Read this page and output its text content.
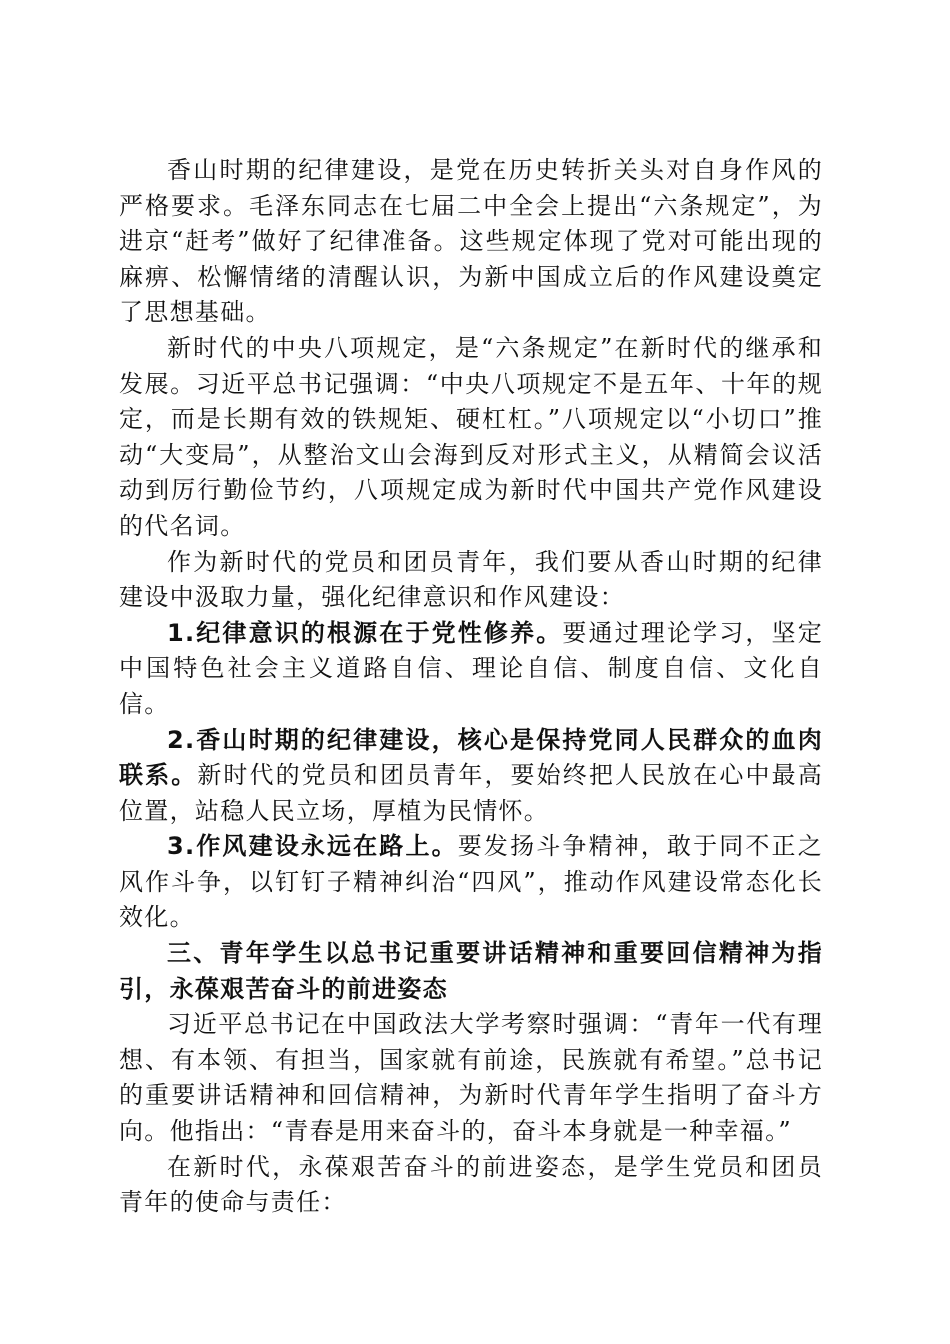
香山时期的纪律建设，是党在历史转折关头对自身作风的严格要求。毛泽东同志在七届二中全会上提出“六条规定”，为进京“赶考”做好了纪律准备。这些规定体现了党对可能出现的麻痹、松懈情绪的清醒认识，为新中国成立后的作风建设奠定了思想基础。

新时代的中央八项规定，是“六条规定”在新时代的继承和发展。习近平总书记强调：“中央八项规定不是五年、十年的规定，而是长期有效的铁规矩、硬杠杠。”八项规定以“小切口”推动“大变局”，从整治文山会海到反对形式主义，从精简会议活动到厉行勤俭节约，八项规定成为新时代中国共产党作风建设的代名词。

作为新时代的党员和团员青年，我们要从香山时期的纪律建设中汲取力量，强化纪律意识和作风建设：

1.纪律意识的根源在于党性修养。要通过理论学习，坚定中国特色社会主义道路自信、理论自信、制度自信、文化自信。

2.香山时期的纪律建设，核心是保持党同人民群众的血肉联系。新时代的党员和团员青年，要始终把人民放在心中最高位置，站稳人民立场，厚植为民情怀。

3.作风建设永远在路上。要发扬斗争精神，敢于同不正之风作斗争，以钉钉子精神纠治“四风”，推动作风建设常态化长效化。

三、青年学生以总书记重要讲话精神和重要回信精神为指引，永葆艰苦奋斗的前进姿态

习近平总书记在中国政法大学考察时强调：“青年一代有理想、有本领、有担当，国家就有前途，民族就有希望。”总书记的重要讲话精神和回信精神，为新时代青年学生指明了奋斗方向。他指出：“青春是用来奋斗的，奋斗本身就是一种幸福。”

在新时代，永葆艰苦奋斗的前进姿态，是学生党员和团员青年的使命与责任：
